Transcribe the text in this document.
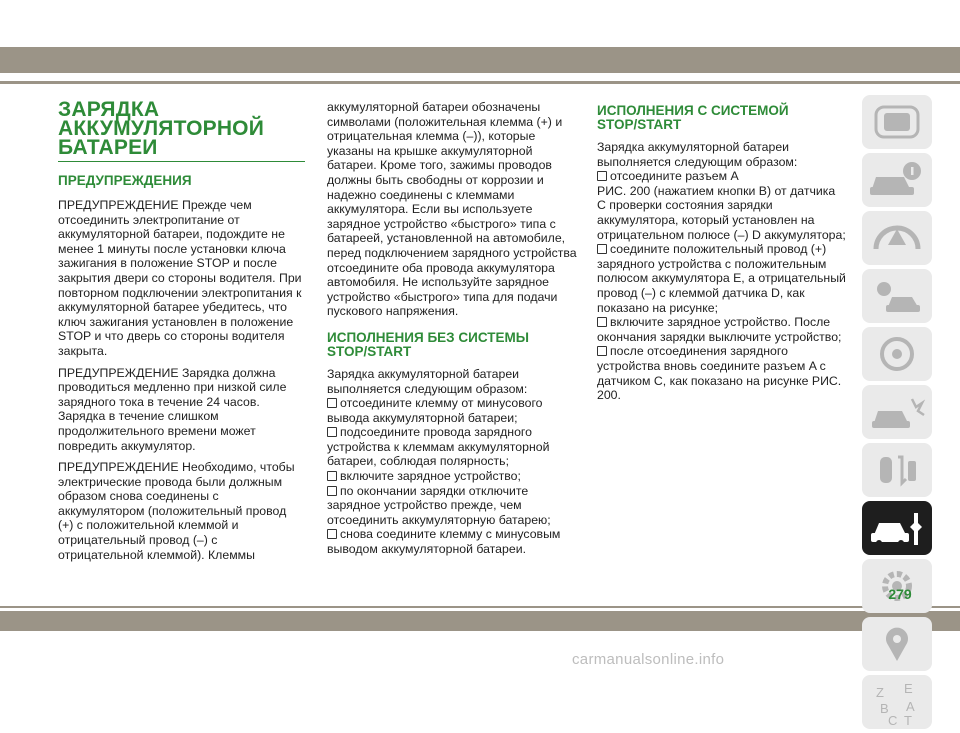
ЗАРЯДКА
АККУМУЛЯТОРНОЙ
БАТАРЕИ
ПРЕДУПРЕЖДЕНИЯ

ПРЕДУПРЕЖДЕНИЕ Прежде чем отсоединить электропитание от аккумуляторной батареи, подождите не менее 1 минуты после установки ключа зажигания в положение STOP и после закрытия двери со стороны водителя. При повторном подключении электропитания к аккумуляторной батарее убедитесь, что ключ зажигания установлен в положение STOP и что дверь со стороны водителя закрыта.

ПРЕДУПРЕЖДЕНИЕ Зарядка должна проводиться медленно при низкой силе зарядного тока в течение 24 часов. Зарядка в течение слишком продолжительного времени может повредить аккумулятор.

ПРЕДУПРЕЖДЕНИЕ Необходимо, чтобы электрические провода были должным образом снова соединены с аккумулятором (положительный провод (+) с положительной клеммой и отрицательный провод (–) с отрицательной клеммой). Клеммы

аккумуляторной батареи обозначены символами (положительная клемма (+) и отрицательная клемма (–)), которые указаны на крышке аккумуляторной батареи. Кроме того, зажимы проводов должны быть свободны от коррозии и надежно соединены с клеммами аккумулятора. Если вы используете зарядное устройство «быстрого» типа с батареей, установленной на автомобиле, перед подключением зарядного устройства отсоедините оба провода аккумулятора автомобиля. Не используйте зарядное устройство «быстрого» типа для подачи пускового напряжения.

ИСПОЛНЕНИЯ БЕЗ СИСТЕМЫ
STOP/START
Зарядка аккумуляторной батареи выполняется следующим образом:
отсоедините клемму от минусового вывода аккумуляторной батареи;
подсоедините провода зарядного устройства к клеммам аккумуляторной батареи, соблюдая полярность;
включите зарядное устройство;
по окончании зарядки отключите зарядное устройство прежде, чем отсоединить аккумуляторную батарею;
снова соедините клемму с минусовым выводом аккумуляторной батареи.
ИСПОЛНЕНИЯ С СИСТЕМОЙ
STOP/START
Зарядка аккумуляторной батареи выполняется следующим образом:
отсоедините разъем A
РИС. 200 (нажатием кнопки B) от датчика C проверки состояния зарядки аккумулятора, который установлен на отрицательном полюсе (–) D аккумулятора;
соедините положительный провод (+) зарядного устройства с положительным полюсом аккумулятора E, а отрицательный провод (–) с клеммой датчика D, как показано на рисунке;
включите зарядное устройство. После окончания зарядки выключите устройство;
после отсоединения зарядного устройства вновь соедините разъем A с датчиком C, как показано на рисунке РИС. 200.
Z E
B A
C T
279
carmanualsonline.info
